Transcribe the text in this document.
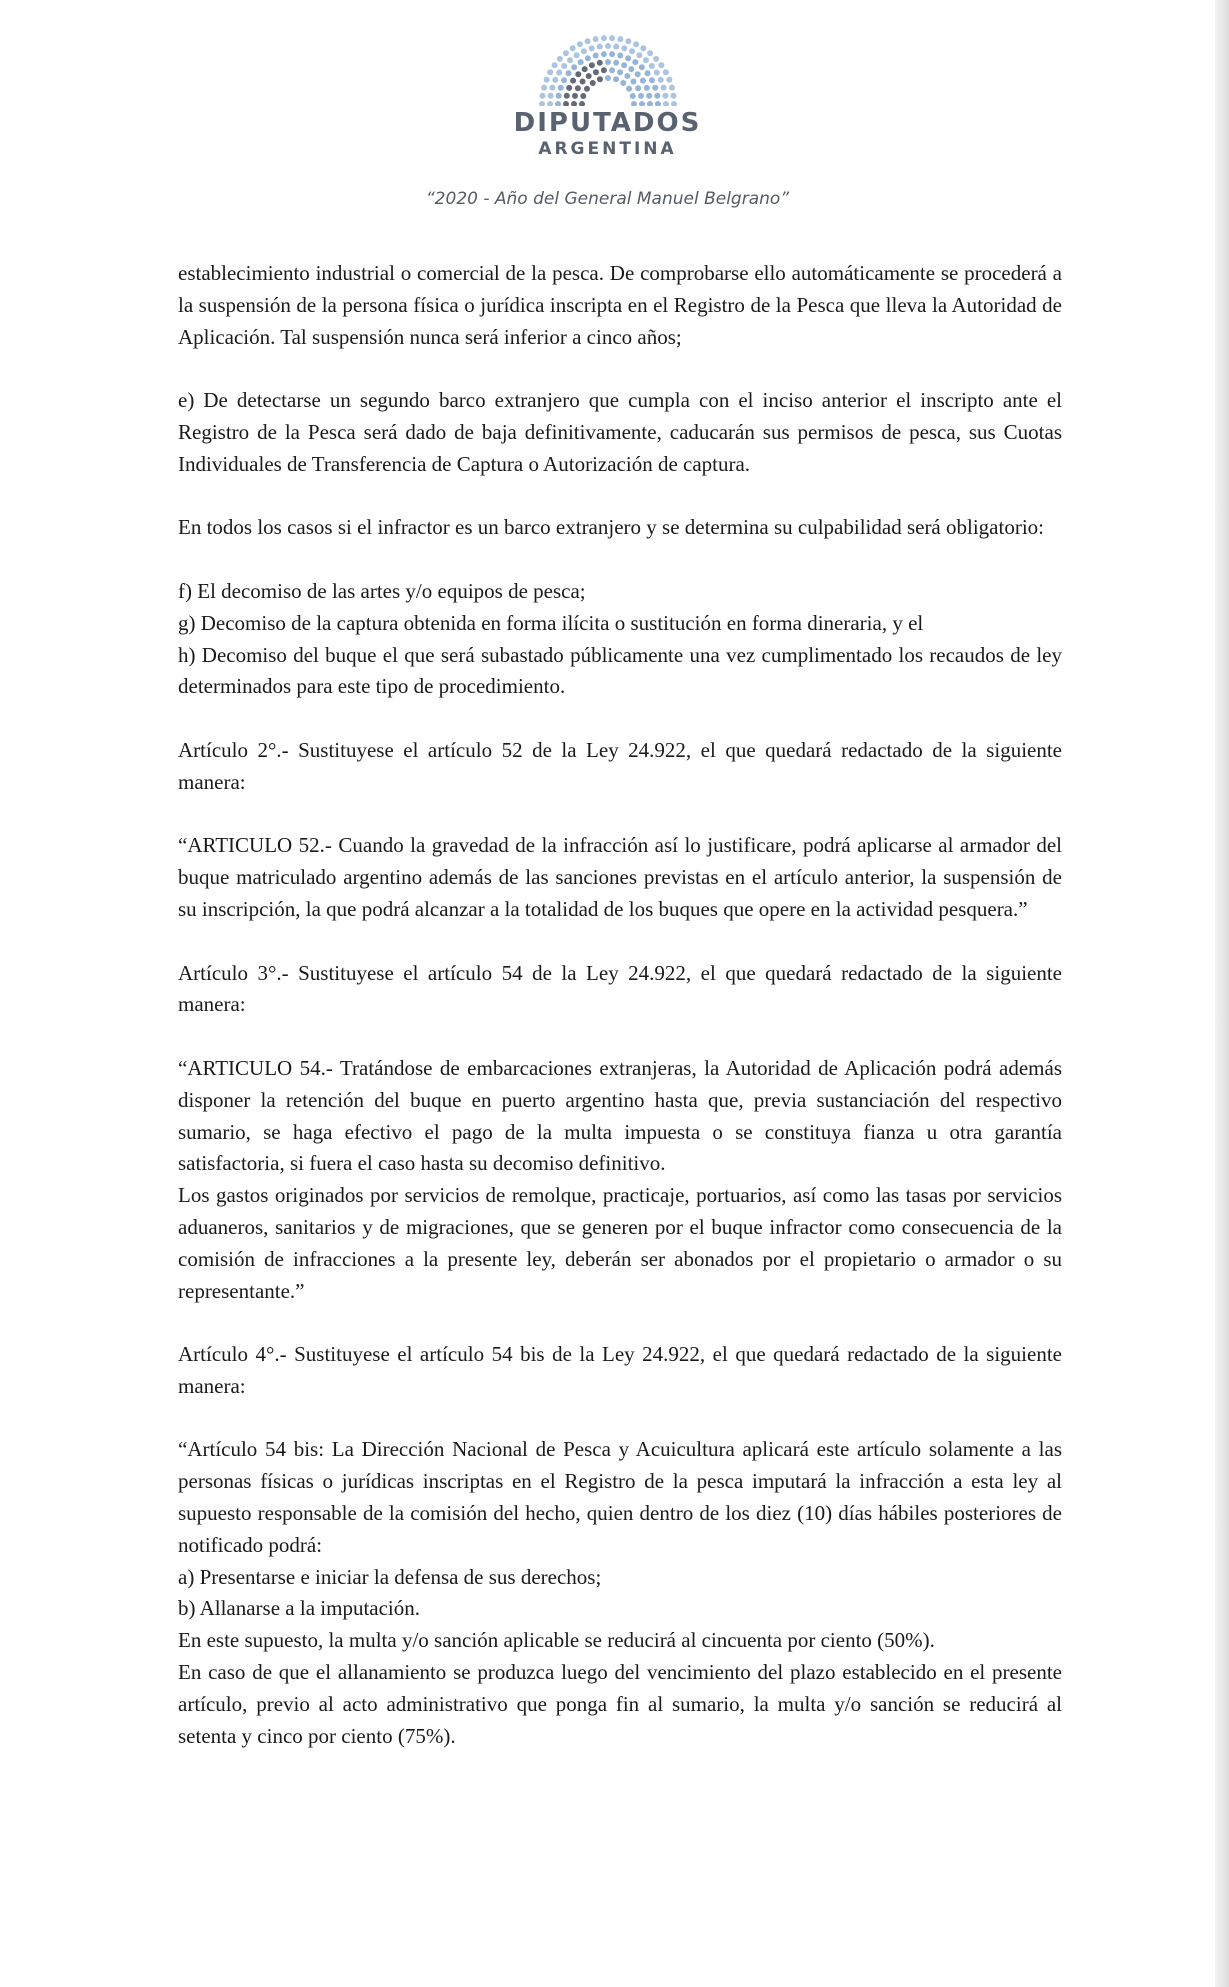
DIPUTADOS
ARGENTINA
“2020 - Año del General Manuel Belgrano”

establecimiento industrial o comercial de la pesca. De comprobarse ello automáticamente se procederá a la suspensión de la persona física o jurídica inscripta en el Registro de la Pesca que lleva la Autoridad de Aplicación. Tal suspensión nunca será inferior a cinco años;

e) De detectarse un segundo barco extranjero que cumpla con el inciso anterior el inscripto ante el Registro de la Pesca será dado de baja definitivamente, caducarán sus permisos de pesca, sus Cuotas Individuales de Transferencia de Captura o Autorización de captura.

En todos los casos si el infractor es un barco extranjero y se determina su culpabilidad será obligatorio:

f) El decomiso de las artes y/o equipos de pesca;

g) Decomiso de la captura obtenida en forma ilícita o sustitución en forma dineraria, y el

h) Decomiso del buque el que será subastado públicamente una vez cumplimentado los recaudos de ley determinados para este tipo de procedimiento.

Artículo 2°.- Sustituyese el artículo 52 de la Ley 24.922, el que quedará redactado de la siguiente manera:

“ARTICULO 52.- Cuando la gravedad de la infracción así lo justificare, podrá aplicarse al armador del buque matriculado argentino además de las sanciones previstas en el artículo anterior, la suspensión de su inscripción, la que podrá alcanzar a la totalidad de los buques que opere en la actividad pesquera.”

Artículo 3°.- Sustituyese el artículo 54 de la Ley 24.922, el que quedará redactado de la siguiente manera:

“ARTICULO 54.- Tratándose de embarcaciones extranjeras, la Autoridad de Aplicación podrá además disponer la retención del buque en puerto argentino hasta que, previa sustanciación del respectivo sumario, se haga efectivo el pago de la multa impuesta o se constituya fianza u otra garantía satisfactoria, si fuera el caso hasta su decomiso definitivo.

Los gastos originados por servicios de remolque, practicaje, portuarios, así como las tasas por servicios aduaneros, sanitarios y de migraciones, que se generen por el buque infractor como consecuencia de la comisión de infracciones a la presente ley, deberán ser abonados por el propietario o armador o su representante.”

Artículo 4°.- Sustituyese el artículo 54 bis de la Ley 24.922, el que quedará redactado de la siguiente manera:

“Artículo 54 bis: La Dirección Nacional de Pesca y Acuicultura aplicará este artículo solamente a las personas físicas o jurídicas inscriptas en el Registro de la pesca imputará la infracción a esta ley al supuesto responsable de la comisión del hecho, quien dentro de los diez (10) días hábiles posteriores de notificado podrá:

a) Presentarse e iniciar la defensa de sus derechos;

b) Allanarse a la imputación.

En este supuesto, la multa y/o sanción aplicable se reducirá al cincuenta por ciento (50%).

En caso de que el allanamiento se produzca luego del vencimiento del plazo establecido en el presente artículo, previo al acto administrativo que ponga fin al sumario, la multa y/o sanción se reducirá al setenta y cinco por ciento (75%).
